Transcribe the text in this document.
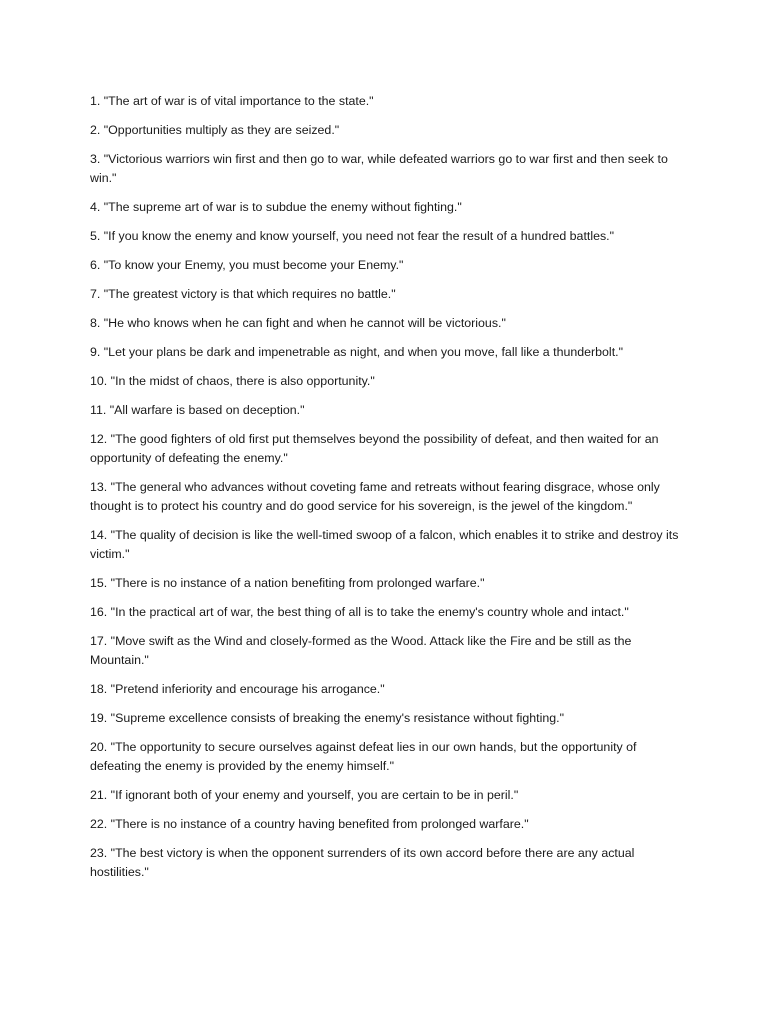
1. "The art of war is of vital importance to the state."
2. "Opportunities multiply as they are seized."
3. "Victorious warriors win first and then go to war, while defeated warriors go to war first and then seek to win."
4. "The supreme art of war is to subdue the enemy without fighting."
5. "If you know the enemy and know yourself, you need not fear the result of a hundred battles."
6. "To know your Enemy, you must become your Enemy."
7. "The greatest victory is that which requires no battle."
8. "He who knows when he can fight and when he cannot will be victorious."
9. "Let your plans be dark and impenetrable as night, and when you move, fall like a thunderbolt."
10. "In the midst of chaos, there is also opportunity."
11. "All warfare is based on deception."
12. "The good fighters of old first put themselves beyond the possibility of defeat, and then waited for an opportunity of defeating the enemy."
13. "The general who advances without coveting fame and retreats without fearing disgrace, whose only thought is to protect his country and do good service for his sovereign, is the jewel of the kingdom."
14. "The quality of decision is like the well-timed swoop of a falcon, which enables it to strike and destroy its victim."
15. "There is no instance of a nation benefiting from prolonged warfare."
16. "In the practical art of war, the best thing of all is to take the enemy's country whole and intact."
17. "Move swift as the Wind and closely-formed as the Wood. Attack like the Fire and be still as the Mountain."
18. "Pretend inferiority and encourage his arrogance."
19. "Supreme excellence consists of breaking the enemy's resistance without fighting."
20. "The opportunity to secure ourselves against defeat lies in our own hands, but the opportunity of defeating the enemy is provided by the enemy himself."
21. "If ignorant both of your enemy and yourself, you are certain to be in peril."
22. "There is no instance of a country having benefited from prolonged warfare."
23. "The best victory is when the opponent surrenders of its own accord before there are any actual hostilities."
